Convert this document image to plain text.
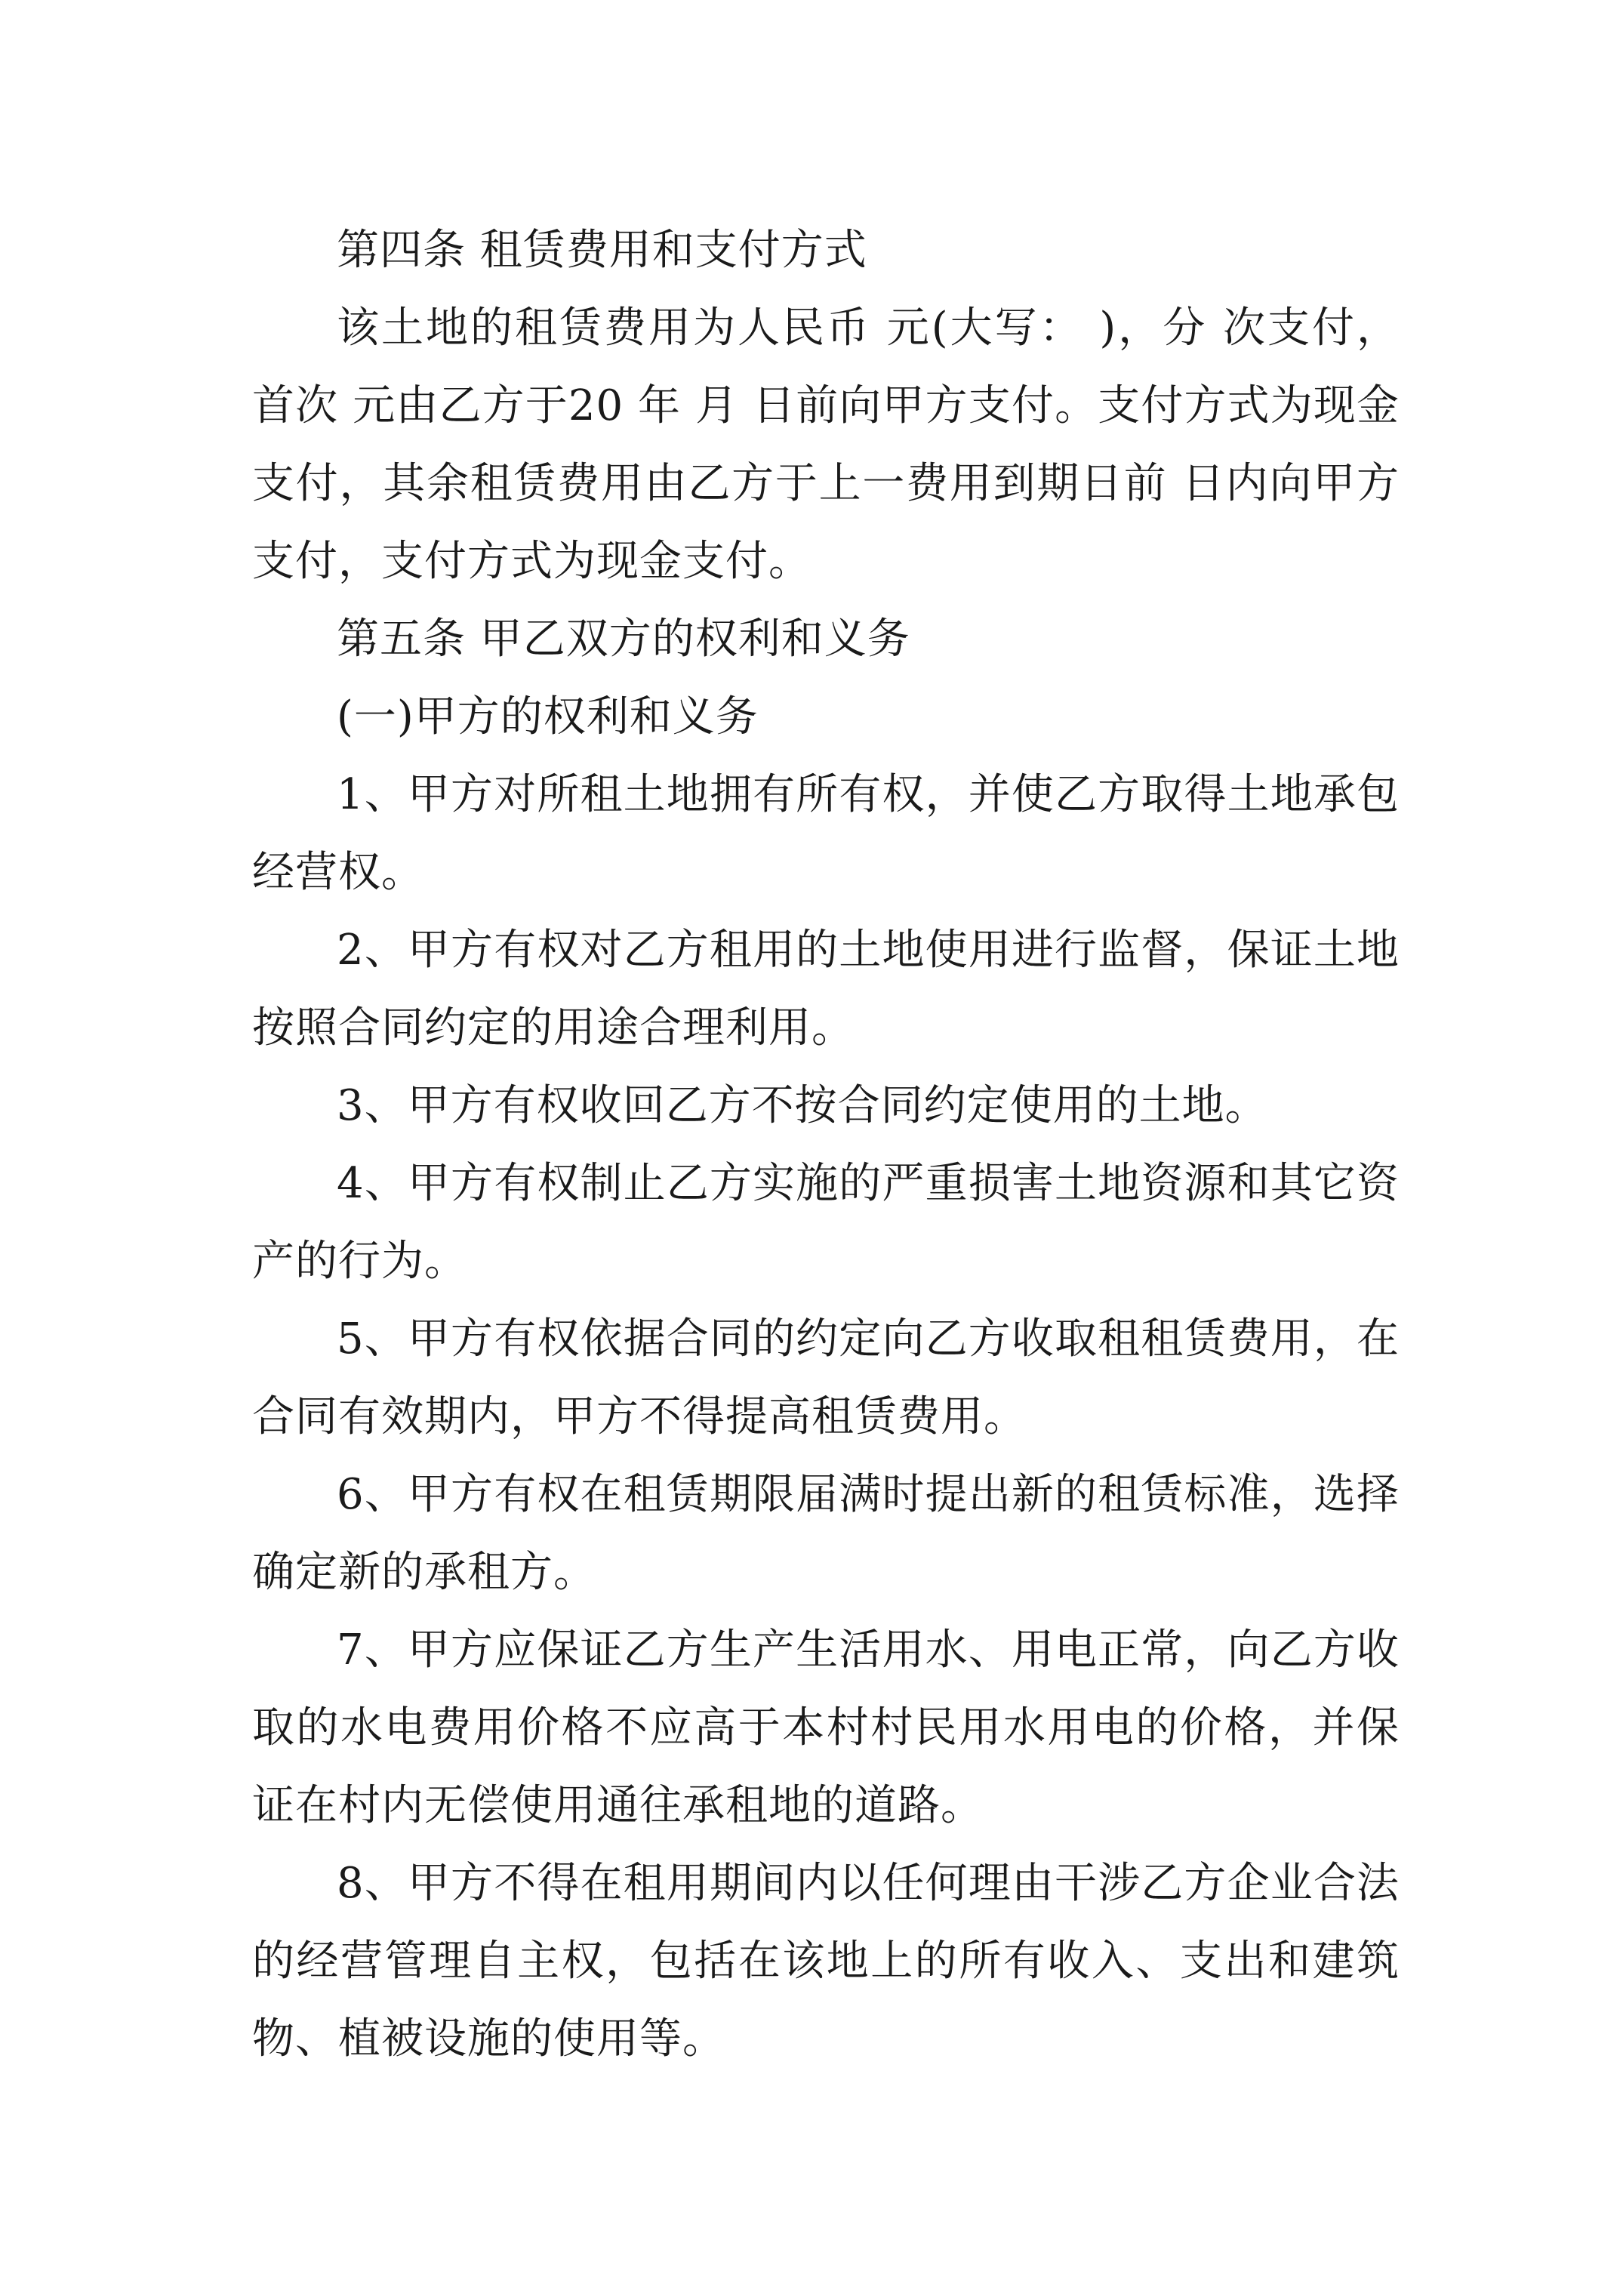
第四条 租赁费用和支付方式

该土地的租赁费用为人民币 元(大写： )，分 次支付，首次 元由乙方于20 年 月 日前向甲方支付。支付方式为现金支付，其余租赁费用由乙方于上一费用到期日前 日内向甲方支付，支付方式为现金支付。

第五条 甲乙双方的权利和义务

(一)甲方的权利和义务

1、甲方对所租土地拥有所有权，并使乙方取得土地承包经营权。

2、甲方有权对乙方租用的土地使用进行监督，保证土地按照合同约定的用途合理利用。

3、甲方有权收回乙方不按合同约定使用的土地。

4、甲方有权制止乙方实施的严重损害土地资源和其它资产的行为。

5、甲方有权依据合同的约定向乙方收取租租赁费用，在合同有效期内，甲方不得提高租赁费用。

6、甲方有权在租赁期限届满时提出新的租赁标准，选择确定新的承租方。

7、甲方应保证乙方生产生活用水、用电正常，向乙方收取的水电费用价格不应高于本村村民用水用电的价格，并保证在村内无偿使用通往承租地的道路。

8、甲方不得在租用期间内以任何理由干涉乙方企业合法的经营管理自主权，包括在该地上的所有收入、支出和建筑物、植被设施的使用等。
